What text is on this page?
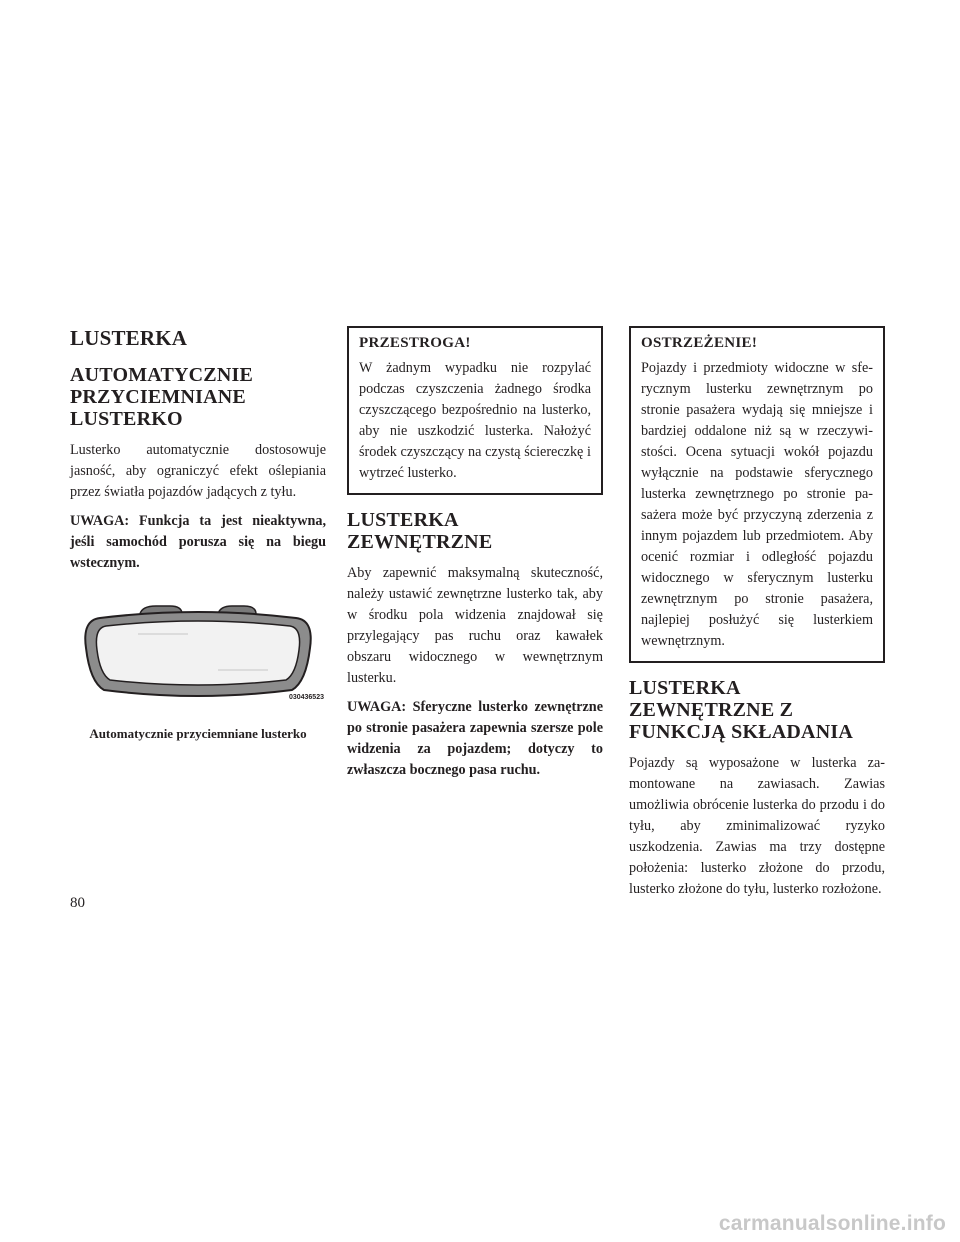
LUSTERKA
AUTOMATYCZNIE
PRZYCIEMNIANE
LUSTERKO

Lusterko automatycznie dostosowuje jasność, aby ograniczyć efekt oślepiania przez światła pojazdów jadących z tyłu.

UWAGA: Funkcja ta jest nieaktywna, jeśli samochód porusza się na biegu wstecznym.

030436523
Automatycznie przyciemniane lusterko
PRZESTROGA!

W żadnym wypadku nie rozpylać podczas czyszczenia żadnego środka czyszczącego bezpośrednio na lusterko, aby nie uszkodzić lusterka. Nałożyć środek czyszczący na czystą ściereczkę i wytrzeć lusterko.

LUSTERKA
ZEWNĘTRZNE

Aby zapewnić maksymalną skuteczność, należy ustawić zewnętrzne lusterko tak, aby w środku pola widzenia znajdował się przylegający pas ruchu oraz kawałek obszaru widocznego w wewnętrznym lusterku.

UWAGA: Sferyczne lusterko zewnętrzne po stronie pasażera zapewnia szersze pole widzenia za pojazdem; dotyczy to zwłaszcza bocznego pasa ruchu.

OSTRZEŻENIE!

Pojazdy i przedmioty widoczne w sferycznym lusterku zewnętrznym po stronie pasażera wydają się mniejsze i bardziej oddalone niż są w rzeczywistości. Ocena sytuacji wokół pojazdu wyłącznie na podstawie sferycznego lusterka zewnętrznego po stronie pasażera może być przyczyną zderzenia z innym pojazdem lub przedmiotem. Aby ocenić rozmiar i odległość pojazdu widocznego w sferycznym lusterku zewnętrznym po stronie pasażera, najlepiej posłużyć się lusterkiem wewnętrznym.

LUSTERKA
ZEWNĘTRZNE Z
FUNKCJĄ SKŁADANIA

Pojazdy są wyposażone w lusterka zamontowane na zawiasach. Zawias umożliwia obrócenie lusterka do przodu i do tyłu, aby zminimalizować ryzyko uszkodzenia. Zawias ma trzy dostępne położenia: lusterko złożone do przodu, lusterko złożone do tyłu, lusterko rozłożone.

80
carmanualsonline.info
